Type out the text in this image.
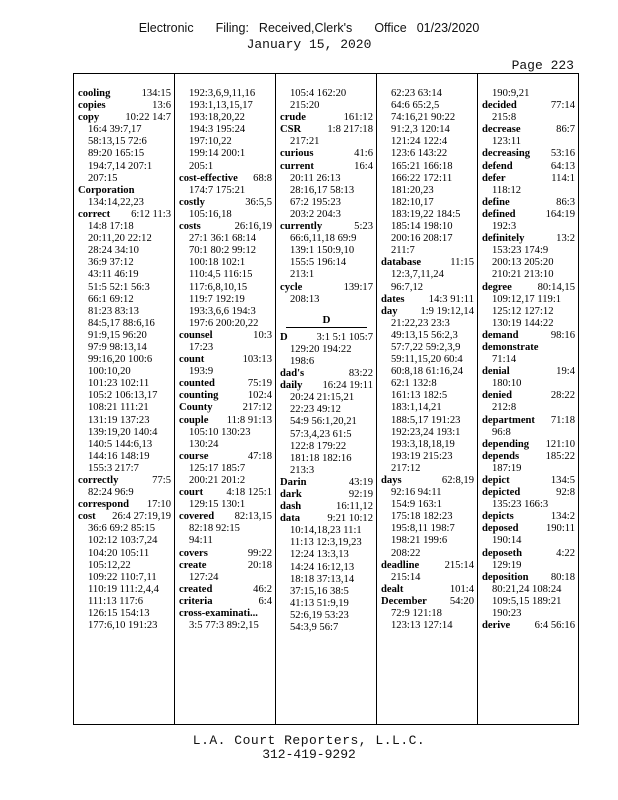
Electronic Filing: Received,Clerk's Office 01/23/2020
January 15, 2020
Page 223
cooling	134:15
copies	13:6
copy 10:22 14:7
16:4 39:7,17
58:13,15 72:6
89:20 165:15
194:7,14 207:1
207:15
Corporation
134:14,22,23
correct 6:12 11:3
14:8 17:18
20:11,20 22:12
28:24 34:10
36:9 37:12
43:11 46:19
51:5 52:1 56:3
66:1 69:12
81:23 83:13
84:5,17 88:6,16
91:9,15 96:20
97:9 98:13,14
99:16,20 100:6
100:10,20
101:23 102:11
105:2 106:13,17
108:21 111:21
131:19 137:23
139:19,20 140:4
140:5 144:6,13
144:16 148:19
155:3 217:7
correctly	77:5
82:24 96:9
correspond 17:10
cost 26:4 27:19,19
36:6 69:2 85:15
102:12 103:7,24
104:20 105:11
105:12,22
109:22 110:7,11
110:19 111:2,4,4
111:13 117:6
126:15 154:13
177:6,10 191:23
192:3,6,9,11,16
193:1,13,15,17
193:18,20,22
194:3 195:24
197:10,22
199:14 200:1
205:1
cost-effective 68:8
174:7 175:21
costly	36:5,5
105:16,18
costs	26:16,19
27:1 36:1 68:14
70:1 80:2 99:12
100:18 102:1
110:4,5 116:15
117:6,8,10,15
119:7 192:19
193:3,6,6 194:3
197:6 200:20,22
counsel	10:3
17:23
count	103:13
193:9
counted	75:19
counting	102:4
County	217:12
couple 11:8 91:13
105:10 130:23
130:24
course	47:18
125:17 185:7
200:21 201:2
court 4:18 125:1
129:15 130:1
covered 82:13,15
82:18 92:15
94:11
covers	99:22
create	20:18
127:24
created	46:2
criteria	6:4
cross-examinati...
3:5 77:3 89:2,15
105:4 162:20
215:20
crude	161:12
CSR 1:8 217:18
217:21
curious	41:6
current	16:4
20:11 26:13
28:16,17 58:13
67:2 195:23
203:2 204:3
currently	5:23
66:6,11,18 69:9
139:1 150:9,10
155:5 196:14
213:1
cycle	139:17
208:13
D
D	3:1 5:1 105:7
129:20 194:22
198:6
dad's	83:22
daily 16:24 19:11
20:24 21:15,21
22:23 49:12
54:9 56:1,20,21
57:3,4,23 61:5
122:8 179:22
181:18 182:16
213:3
Darin	43:19
dark	92:19
dash	16:11,12
data	9:21 10:12
10:14,18,23 11:1
11:13 12:3,19,23
12:24 13:3,13
14:24 16:12,13
18:18 37:13,14
37:15,16 38:5
41:13 51:9,19
52:6,19 53:23
54:3,9 56:7
62:23 63:14
64:6 65:2,5
74:16,21 90:22
91:2,3 120:14
121:24 122:4
123:6 143:22
165:21 166:18
166:22 172:11
181:20,23
182:10,17
183:19,22 184:5
185:14 198:10
200:16 208:17
211:7
database	11:15
12:3,7,11,24
96:7,12
dates 14:3 91:11
day 1:9 19:12,14
21:22,23 23:3
49:13,15 56:2,3
57:7,22 59:2,3,9
59:11,15,20 60:4
60:8,18 61:16,24
62:1 132:8
161:13 182:5
183:1,14,21
188:5,17 191:23
192:23,24 193:1
193:3,18,18,19
193:19 215:23
217:12
days	62:8,19
92:16 94:11
154:9 163:1
175:18 182:23
195:8,11 198:7
198:21 199:6
208:22
deadline 215:14
215:14
dealt	101:4
December 54:20
72:9 121:18
123:13 127:14
190:9,21
decided	77:14
215:8
decrease	86:7
123:11
decreasing 53:16
defend	64:13
defer	114:1
118:12
define	86:3
defined	164:19
192:3
definitely	13:2
153:23 174:9
200:13 205:20
210:21 213:10
degree 80:14,15
109:12,17 119:1
125:12 127:12
130:19 144:22
demand	98:16
demonstrate
71:14
denial	19:4
180:10
denied	28:22
212:8
department 71:18
96:8
depending 121:10
depends 185:22
187:19
depict	134:5
depicted	92:8
135:23 166:3
depicts	134:2
deposed	190:11
190:14
deposeth	4:22
129:19
deposition 80:18
80:21,24 108:24
109:5,15 189:21
190:23
derive 6:4 56:16
L.A. Court Reporters, L.L.C.
312-419-9292
